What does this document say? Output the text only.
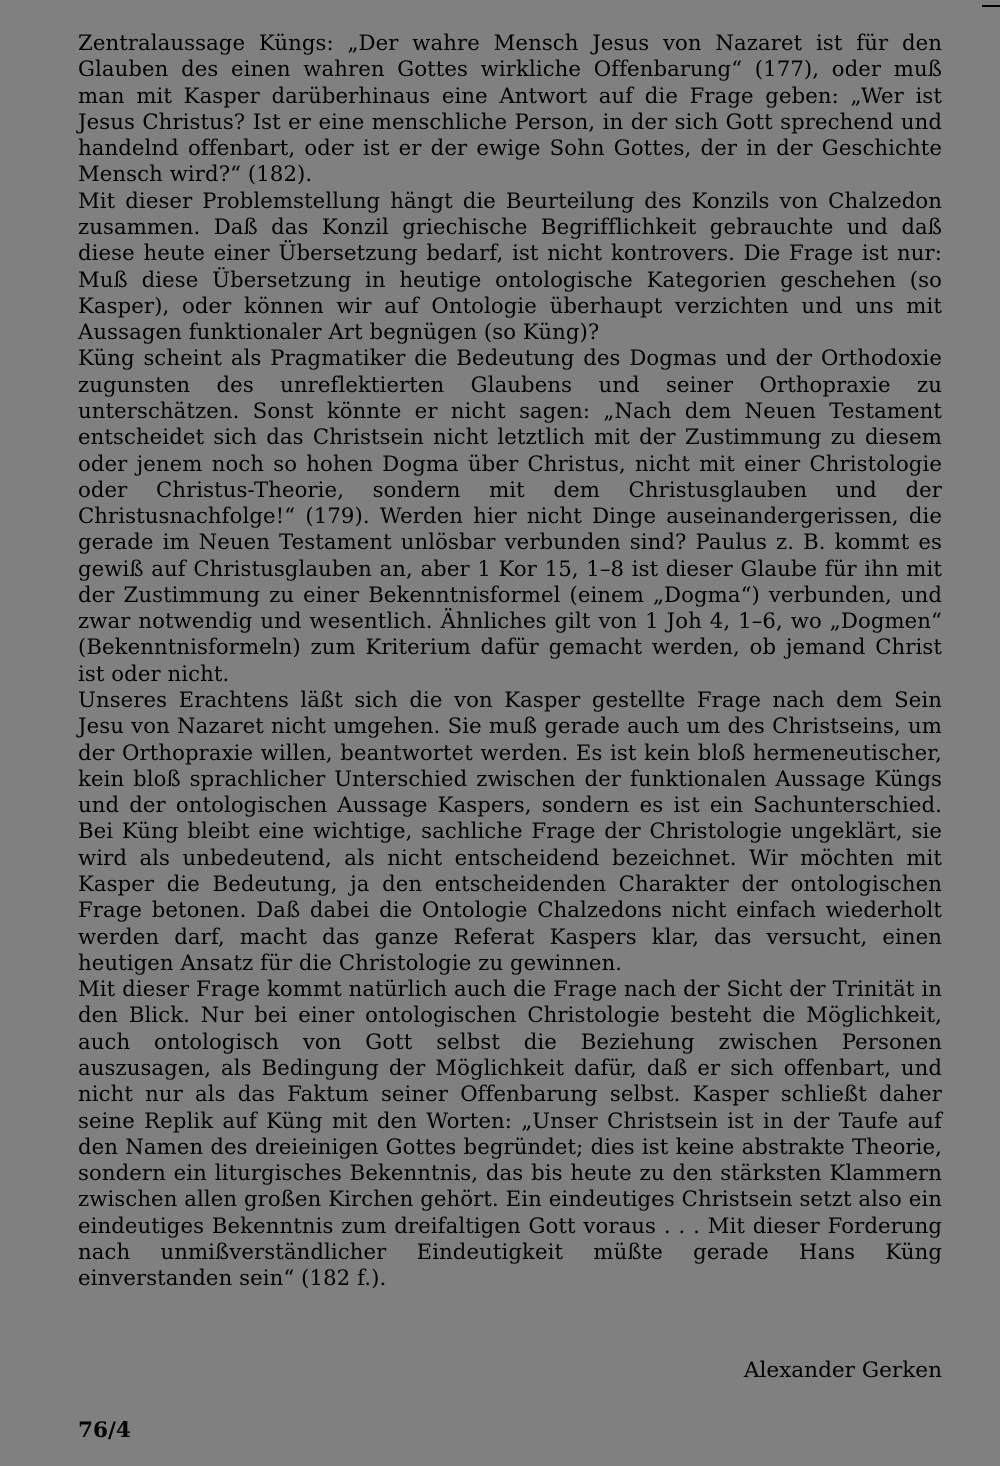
Zentralaussage Küngs: „Der wahre Mensch Jesus von Nazaret ist für den Glauben des einen wahren Gottes wirkliche Offenbarung“ (177), oder muß man mit Kasper darüberhinaus eine Antwort auf die Frage geben: „Wer ist Jesus Christus? Ist er eine menschliche Person, in der sich Gott sprechend und handelnd offenbart, oder ist er der ewige Sohn Gottes, der in der Geschichte Mensch wird?“ (182).

Mit dieser Problemstellung hängt die Beurteilung des Konzils von Chalzedon zusammen. Daß das Konzil griechische Begrifflichkeit gebrauchte und daß diese heute einer Übersetzung bedarf, ist nicht kontrovers. Die Frage ist nur: Muß diese Übersetzung in heutige ontologische Kategorien geschehen (so Kasper), oder können wir auf Ontologie überhaupt verzichten und uns mit Aussagen funktionaler Art begnügen (so Küng)?

Küng scheint als Pragmatiker die Bedeutung des Dogmas und der Orthodoxie zugunsten des unreflektierten Glaubens und seiner Orthopraxie zu unterschätzen. Sonst könnte er nicht sagen: „Nach dem Neuen Testament entscheidet sich das Christsein nicht letztlich mit der Zustimmung zu diesem oder jenem noch so hohen Dogma über Christus, nicht mit einer Christologie oder Christus-Theorie, sondern mit dem Christusglauben und der Christusnachfolge!“ (179). Werden hier nicht Dinge auseinandergerissen, die gerade im Neuen Testament unlösbar verbunden sind? Paulus z. B. kommt es gewiß auf Christusglauben an, aber 1 Kor 15, 1–8 ist dieser Glaube für ihn mit der Zustimmung zu einer Bekenntnisformel (einem „Dogma“) verbunden, und zwar notwendig und wesentlich. Ähnliches gilt von 1 Joh 4, 1–6, wo „Dogmen“ (Bekenntnisformeln) zum Kriterium dafür gemacht werden, ob jemand Christ ist oder nicht.

Unseres Erachtens läßt sich die von Kasper gestellte Frage nach dem Sein Jesu von Nazaret nicht umgehen. Sie muß gerade auch um des Christseins, um der Orthopraxie willen, beantwortet werden. Es ist kein bloß hermeneutischer, kein bloß sprachlicher Unterschied zwischen der funktionalen Aussage Küngs und der ontologischen Aussage Kaspers, sondern es ist ein Sachunterschied. Bei Küng bleibt eine wichtige, sachliche Frage der Christologie ungeklärt, sie wird als unbedeutend, als nicht entscheidend bezeichnet. Wir möchten mit Kasper die Bedeutung, ja den entscheidenden Charakter der ontologischen Frage betonen. Daß dabei die Ontologie Chalzedons nicht einfach wiederholt werden darf, macht das ganze Referat Kaspers klar, das versucht, einen heutigen Ansatz für die Christologie zu gewinnen.

Mit dieser Frage kommt natürlich auch die Frage nach der Sicht der Trinität in den Blick. Nur bei einer ontologischen Christologie besteht die Möglichkeit, auch ontologisch von Gott selbst die Beziehung zwischen Personen auszusagen, als Bedingung der Möglichkeit dafür, daß er sich offenbart, und nicht nur als das Faktum seiner Offenbarung selbst. Kasper schließt daher seine Replik auf Küng mit den Worten: „Unser Christsein ist in der Taufe auf den Namen des dreieinigen Gottes begründet; dies ist keine abstrakte Theorie, sondern ein liturgisches Bekenntnis, das bis heute zu den stärksten Klammern zwischen allen großen Kirchen gehört. Ein eindeutiges Christsein setzt also ein eindeutiges Bekenntnis zum dreifaltigen Gott voraus . . . Mit dieser Forderung nach unmißverständlicher Eindeutigkeit müßte gerade Hans Küng einverstanden sein“ (182 f.).

Alexander Gerken
76/4
